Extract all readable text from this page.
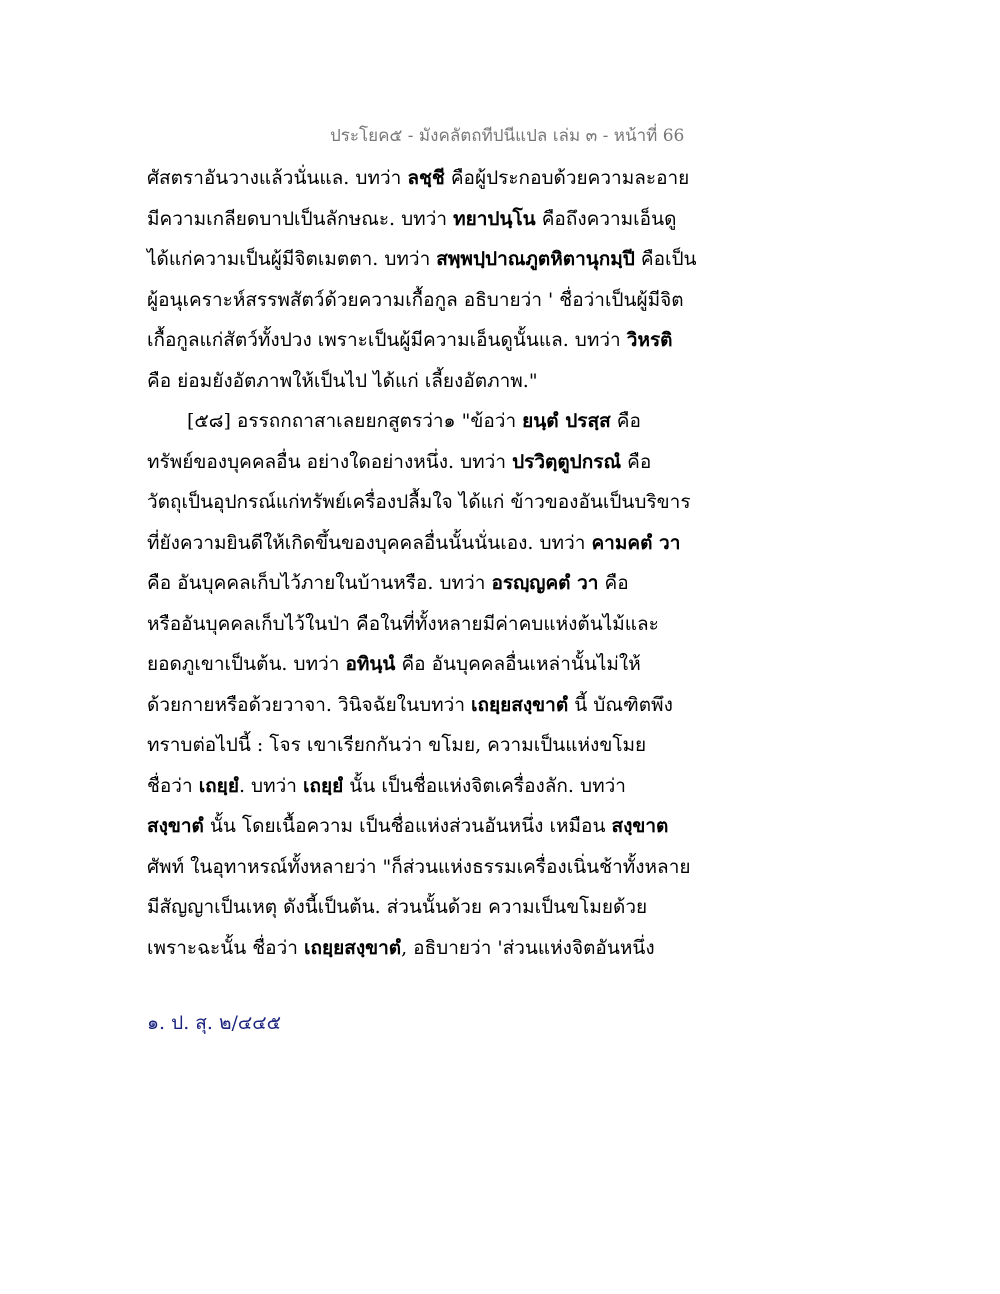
ประโยค๕ - มังคลัตถทีปนีแปล เล่ม ๓ - หน้าที่ 66
ศัสตราอันวางแล้วนั่นแล. บทว่า ลชฺชี คือผู้ประกอบด้วยความละอาย
มีความเกลียดบาปเป็นลักษณะ. บทว่า ทยาปนฺโน คือถึงความเอ็นดู
ได้แก่ความเป็นผู้มีจิตเมตตา. บทว่า สพฺพปฺปาณภูตหิตานุกมฺปี คือเป็น
ผู้อนุเคราะห์สรรพสัตว์ด้วยความเกื้อกูล อธิบายว่า ' ชื่อว่าเป็นผู้มีจิต
เกื้อกูลแก่สัตว์ทั้งปวง เพราะเป็นผู้มีความเอ็นดูนั้นแล. บทว่า วิหรติ
คือ ย่อมยังอัตภาพให้เป็นไป ได้แก่ เลี้ยงอัตภาพ."
[๕๘] อรรถกถาสาเลยยกสูตรว่า๑ "ข้อว่า ยนฺตํ ปรสฺส คือ
ทรัพย์ของบุคคลอื่น อย่างใดอย่างหนึ่ง. บทว่า ปรวิตฺตูปกรณํ คือ
วัตถุเป็นอุปกรณ์แก่ทรัพย์เครื่องปลื้มใจ ได้แก่ ข้าวของอันเป็นบริขาร
ที่ยังความยินดีให้เกิดขึ้นของบุคคลอื่นนั้นนั่นเอง. บทว่า คามคตํ วา
คือ อันบุคคลเก็บไว้ภายในบ้านหรือ. บทว่า อรญฺญคตํ วา คือ
หรืออันบุคคลเก็บไว้ในป่า คือในที่ทั้งหลายมีค่าคบแห่งต้นไม้และ
ยอดภูเขาเป็นต้น. บทว่า อทินฺนํ คือ อันบุคคลอื่นเหล่านั้นไม่ให้
ด้วยกายหรือด้วยวาจา. วินิจฉัยในบทว่า เถยฺยสงฺขาตํ นี้ บัณฑิตพึง
ทราบต่อไปนี้ : โจร เขาเรียกกันว่า ขโมย, ความเป็นแห่งขโมย
ชื่อว่า เถยฺยํ. บทว่า เถยฺยํ นั้น เป็นชื่อแห่งจิตเครื่องลัก. บทว่า
สงฺขาตํ นั้น โดยเนื้อความ เป็นชื่อแห่งส่วนอันหนึ่ง เหมือน สงฺขาต
ศัพท์ ในอุทาหรณ์ทั้งหลายว่า "ก็ส่วนแห่งธรรมเครื่องเนิ่นช้าทั้งหลาย
มีสัญญาเป็นเหตุ ดังนี้เป็นต้น. ส่วนนั้นด้วย ความเป็นขโมยด้วย
เพราะฉะนั้น ชื่อว่า เถยฺยสงฺขาตํ, อธิบายว่า 'ส่วนแห่งจิตอันหนึ่ง
๑. ป. สุ. ๒/๔๔๕
